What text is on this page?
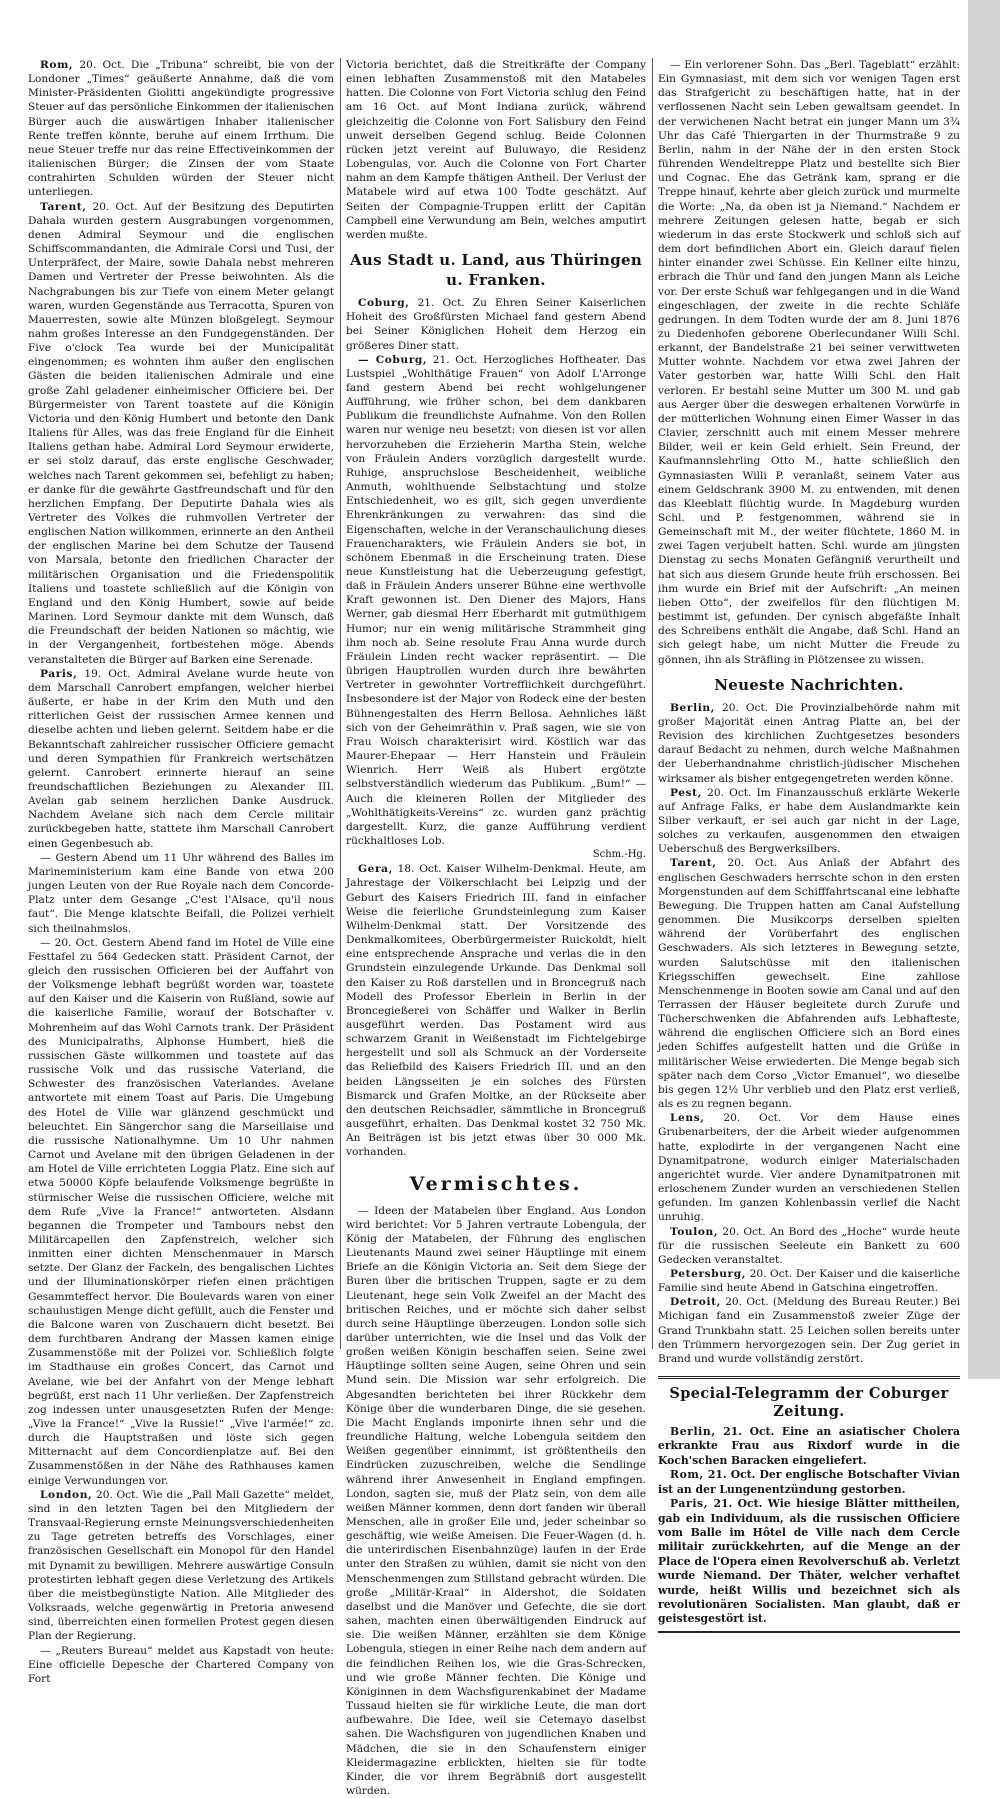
Rom, 20. Oct. Die „Tribuna“ schreibt, bie von der Londoner „Times“ geäußerte Annahme, daß die vom Minister-Präsidenten Giolitti angekündigte progressive Steuer auf das persönliche Einkommen der italienischen Bürger auch die auswärtigen Inhaber italienischer Rente treffen könnte, beruhe auf einem Irrthum. Die neue Steuer treffe nur das reine Effectiveinkommen der italienischen Bürger; die Zinsen der vom Staate contrahirten Schulden würden der Steuer nicht unterliegen.

Tarent, 20. Oct. Auf der Besitzung des Deputirten Dahala wurden gestern Ausgrabungen vorgenommen, denen Admiral Seymour und die englischen Schiffscommandanten, die Admirale Corsi und Tusi, der Unterpräfect, der Maire, sowie Dahala nebst mehreren Damen und Vertreter der Presse beiwohnten. Als die Nachgrabungen bis zur Tiefe von einem Meter gelangt waren, wurden Gegenstände aus Terracotta, Spuren von Mauerresten, sowie alte Münzen bloßgelegt. Seymour nahm großes Interesse an den Fundgegenständen. Der Five o'clock Tea wurde bei der Municipalität eingenommen; es wohnten ihm außer den englischen Gästen die beiden italienischen Admirale und eine große Zahl geladener einheimischer Officiere bei. Der Bürgermeister von Tarent toastete auf die Königin Victoria und den König Humbert und betonte den Dank Italiens für Alles, was das freie England für die Einheit Italiens gethan habe. Admiral Lord Seymour erwiderte, er sei stolz darauf, das erste englische Geschwader, welches nach Tarent gekommen sei, befehligt zu haben; er danke für die gewährte Gastfreundschaft und für den herzlichen Empfang. Der Deputirte Dahala wies als Vertreter des Volkes die ruhmvollen Vertreter der englischen Nation willkommen, erinnerte an den Antheil der englischen Marine bei dem Schutze der Tausend von Marsala, betonte den friedlichen Character der militärischen Organisation und die Friedenspolitik Italiens und toastete schließlich auf die Königin von England und den König Humbert, sowie auf beide Marinen. Lord Seymour dankte mit dem Wunsch, daß die Freundschaft der beiden Nationen so mächtig, wie in der Vergangenheit, fortbestehen möge. Abends veranstalteten die Bürger auf Barken eine Serenade.

Paris, 19. Oct. Admiral Avelane wurde heute von dem Marschall Canrobert empfangen, welcher hierbei äußerte, er habe in der Krim den Muth und den ritterlichen Geist der russischen Armee kennen und dieselbe achten und lieben gelernt. Seitdem habe er die Bekanntschaft zahlreicher russischer Officiere gemacht und deren Sympathien für Frankreich wertschätzen gelernt. Canrobert erinnerte hierauf an seine freundschaftlichen Beziehungen zu Alexander III. Avelan gab seinem herzlichen Danke Ausdruck. Nachdem Avelane sich nach dem Cercle militair zurückbegeben hatte, stattete ihm Marschall Canrobert einen Gegenbesuch ab.

— Gestern Abend um 11 Uhr während des Balles im Marineministerium kam eine Bande von etwa 200 jungen Leuten von der Rue Royale nach dem Concorde-Platz unter dem Gesange „C'est l'Alsace, qu'il nous faut“. Die Menge klatschte Beifall, die Polizei verhielt sich theilnahmslos.

— 20. Oct. Gestern Abend fand im Hotel de Ville eine Festtafel zu 564 Gedecken statt. Präsident Carnot, der gleich den russischen Officieren bei der Auffahrt von der Volksmenge lebhaft begrüßt worden war, toastete auf den Kaiser und die Kaiserin von Rußland, sowie auf die kaiserliche Familie, worauf der Botschafter v. Mohrenheim auf das Wohl Carnots trank. Der Präsident des Municipalraths, Alphonse Humbert, hieß die russischen Gäste willkommen und toastete auf das russische Volk und das russische Vaterland, die Schwester des französischen Vaterlandes. Avelane antwortete mit einem Toast auf Paris. Die Umgebung des Hotel de Ville war glänzend geschmückt und beleuchtet. Ein Sängerchor sang die Marseillaise und die russische Nationalhymne. Um 10 Uhr nahmen Carnot und Avelane mit den übrigen Geladenen in der am Hotel de Ville errichteten Loggia Platz. Eine sich auf etwa 50000 Köpfe belaufende Volksmenge begrüßte in stürmischer Weise die russischen Officiere, welche mit dem Rufe „Vive la France!“ antworteten. Alsdann begannen die Trompeter und Tambours nebst den Militärcapellen den Zapfenstreich, welcher sich inmitten einer dichten Menschenmauer in Marsch setzte. Der Glanz der Fackeln, des bengalischen Lichtes und der Illuminationskörper riefen einen prächtigen Gesammteffect hervor. Die Boulevards waren von einer schaulustigen Menge dicht gefüllt, auch die Fenster und die Balcone waren von Zuschauern dicht besetzt. Bei dem furchtbaren Andrang der Massen kamen einige Zusammenstöße mit der Polizei vor. Schließlich folgte im Stadthause ein großes Concert, das Carnot und Avelane, wie bei der Anfahrt von der Menge lebhaft begrüßt, erst nach 11 Uhr verließen. Der Zapfenstreich zog indessen unter unausgesetzten Rufen der Menge: „Vive la France!“ „Vive la Russie!“ „Vive l'armée!“ zc. durch die Hauptstraßen und löste sich gegen Mitternacht auf dem Concordienplatze auf. Bei den Zusammenstößen in der Nähe des Rathhauses kamen einige Verwundungen vor.

London, 20. Oct. Wie die „Pall Mall Gazette“ meldet, sind in den letzten Tagen bei den Mitgliedern der Transvaal-Regierung ernste Meinungsverschiedenheiten zu Tage getreten betreffs des Vorschlages, einer französischen Gesellschaft ein Monopol für den Handel mit Dynamit zu bewilligen. Mehrere auswärtige Consuln protestirten lebhaft gegen diese Verletzung des Artikels über die meistbegünstigte Nation. Alle Mitglieder des Volksraads, welche gegenwärtig in Pretoria anwesend sind, überreichten einen formellen Protest gegen diesen Plan der Regierung.

— „Reuters Bureau“ meldet aus Kapstadt von heute: Eine officielle Depesche der Chartered Company von Fort

Victoria berichtet, daß die Streitkräfte der Company einen lebhaften Zusammenstoß mit den Matabeles hatten. Die Colonne von Fort Victoria schlug den Feind am 16 Oct. auf Mont Indiana zurück, während gleichzeitig die Colonne von Fort Salisbury den Feind unweit derselben Gegend schlug. Beide Colonnen rücken jetzt vereint auf Buluwayo, die Residenz Lobengulas, vor. Auch die Colonne von Fort Charter nahm an dem Kampfe thätigen Antheil. Der Verlust der Matabele wird auf etwa 100 Todte geschätzt. Auf Seiten der Compagnie-Truppen erlitt der Capitän Campbell eine Verwundung am Bein, welches amputirt werden mußte.

Aus Stadt u. Land, aus Thüringen u. Franken.

Coburg, 21. Oct. Zu Ehren Seiner Kaiserlichen Hoheit des Großfürsten Michael fand gestern Abend bei Seiner Königlichen Hoheit dem Herzog ein größeres Diner statt.

— Coburg, 21. Oct. Herzogliches Hoftheater. Das Lustspiel „Wohlthätige Frauen“ von Adolf L'Arronge fand gestern Abend bei recht wohlgelungener Aufführung, wie früher schon, bei dem dankbaren Publikum die freundlichste Aufnahme. Von den Rollen waren nur wenige neu besetzt: von diesen ist vor allen hervorzuheben die Erzieherin Martha Stein, welche von Fräulein Anders vorzüglich dargestellt wurde. Ruhige, anspruchslose Bescheidenheit, weibliche Anmuth, wohlthuende Selbstachtung und stolze Entschiedenheit, wo es gilt, sich gegen unverdiente Ehrenkränkungen zu verwahren: das sind die Eigenschaften, welche in der Veranschaulichung dieses Frauencharakters, wie Fräulein Anders sie bot, in schönem Ebenmaß in die Erscheinung traten. Diese neue Kunstleistung hat die Ueberzeugung gefestigt, daß in Fräulein Anders unserer Bühne eine werthvolle Kraft gewonnen ist. Den Diener des Majors, Hans Werner, gab diesmal Herr Eberhardt mit gutmüthigem Humor; nur ein wenig militärische Strammheit ging ihm noch ab. Seine resolute Frau Anna wurde durch Fräulein Linden recht wacker repräsentirt. — Die übrigen Hauptrollen wurden durch ihre bewährten Vertreter in gewohnter Vortrefflichkeit durchgeführt. Insbesondere ist der Major von Rodeck eine der besten Bühnengestalten des Herrn Bellosa. Aehnliches läßt sich von der Geheimräthin v. Praß sagen, wie sie von Frau Woisch charakterisirt wird. Köstlich war das Maurer-Ehepaar — Herr Hanstein und Fräulein Wienrich. Herr Weiß als Hubert ergötzte selbstverständlich wiederum das Publikum. „Bum!“ — Auch die kleineren Rollen der Mitglieder des „Wohlthätigkeits-Vereins“ zc. wurden ganz prächtig dargestellt. Kurz, die ganze Aufführung verdient rückhaltloses Lob.

Schm.-Hg.

Gera, 18. Oct. Kaiser Wilhelm-Denkmal. Heute, am Jahrestage der Völkerschlacht bei Leipzig und der Geburt des Kaisers Friedrich III. fand in einfacher Weise die feierliche Grundsteinlegung zum Kaiser Wilhelm-Denkmal statt. Der Vorsitzende des Denkmalkomitees, Oberbürgermeister Ruickoldt, hielt eine entsprechende Ansprache und verlas die in den Grundstein einzulegende Urkunde. Das Denkmal soll den Kaiser zu Roß darstellen und in Broncegruß nach Modell des Professor Eberlein in Berlin in der Broncegießerei von Schäffer und Walker in Berlin ausgeführt werden. Das Postament wird aus schwarzem Granit in Weißenstadt im Fichtelgebirge hergestellt und soll als Schmuck an der Vorderseite das Reliefbild des Kaisers Friedrich III. und an den beiden Längsseiten je ein solches des Fürsten Bismarck und Grafen Moltke, an der Rückseite aber den deutschen Reichsadler, sämmtliche in Broncegruß ausgeführt, erhalten. Das Denkmal kostet 32 750 Mk. An Beiträgen ist bis jetzt etwas über 30 000 Mk. vorhanden.

Vermischtes.

— Ideen der Matabelen über England. Aus London wird berichtet: Vor 5 Jahren vertraute Lobengula, der König der Matabelen, der Führung des englischen Lieutenants Maund zwei seiner Häuptlinge mit einem Briefe an die Königin Victoria an. Seit dem Siege der Buren über die britischen Truppen, sagte er zu dem Lieutenant, hege sein Volk Zweifel an der Macht des britischen Reiches, und er möchte sich daher selbst durch seine Häuptlinge überzeugen. London solle sich darüber unterrichten, wie die Insel und das Volk der großen weißen Königin beschaffen seien. Seine zwei Häuptlinge sollten seine Augen, seine Ohren und sein Mund sein. Die Mission war sehr erfolgreich. Die Abgesandten berichteten bei ihrer Rückkehr dem Könige über die wunderbaren Dinge, die sie gesehen. Die Macht Englands imponirte ihnen sehr und die freundliche Haltung, welche Lobengula seitdem den Weißen gegenüber einnimmt, ist größtentheils den Eindrücken zuzuschreiben, welche die Sendlinge während ihrer Anwesenheit in England empfingen. London, sagten sie, muß der Platz sein, von dem alle weißen Männer kommen, denn dort fanden wir überall Menschen, alle in großer Eile und, jeder scheinbar so geschäftig, wie weiße Ameisen. Die Feuer-Wagen (d. h. die unterirdischen Eisenbahnzüge) laufen in der Erde unter den Straßen zu wühlen, damit sie nicht von den Menschenmengen zum Stillstand gebracht würden. Die große „Militär-Kraal“ in Aldershot, die Soldaten daselbst und die Manöver und Gefechte, die sie dort sahen, machten einen überwältigenden Eindruck auf sie. Die weißen Männer, erzählten sie dem Könige Lobengula, stiegen in einer Reihe nach dem andern auf die feindlichen Reihen los, wie die Gras-Schrecken, und wie große Männer fechten. Die Könige und Königinnen in dem Wachsfigurenkabinet der Madame Tussaud hielten sie für wirkliche Leute, die man dort aufbewahre. Die Idee, weil sie Cetemayo daselbst sahen. Die Wachsfiguren von jugendlichen Knaben und Mädchen, die sie in den Schaufenstern einiger Kleidermagazine erblickten, hielten sie für todte Kinder, die vor ihrem Begräbniß dort ausgestellt würden.

— Ein verlorener Sohn. Das „Berl. Tageblatt“ erzählt: Ein Gymnasiast, mit dem sich vor wenigen Tagen erst das Strafgericht zu beschäftigen hatte, hat in der verflossenen Nacht sein Leben gewaltsam geendet. In der verwichenen Nacht betrat ein junger Mann um 3¾ Uhr das Café Thiergarten in der Thurmstraße 9 zu Berlin, nahm in der Nähe der in den ersten Stock führenden Wendeltreppe Platz und bestellte sich Bier und Cognac. Ehe das Getränk kam, sprang er die Treppe hinauf, kehrte aber gleich zurück und murmelte die Worte: „Na, da oben ist ja Niemand.“ Nachdem er mehrere Zeitungen gelesen hatte, begab er sich wiederum in das erste Stockwerk und schloß sich auf dem dort befindlichen Abort ein. Gleich darauf fielen hinter einander zwei Schüsse. Ein Kellner eilte hinzu, erbrach die Thür und fand den jungen Mann als Leiche vor. Der erste Schuß war fehlgegangen und in die Wand eingeschlagen, der zweite in die rechte Schläfe gedrungen. In dem Todten wurde der am 8. Juni 1876 zu Diedenhofen geborene Oberlecundaner Willi Schl. erkannt, der Bandelstraße 21 bei seiner verwittweten Mutter wohnte. Nachdem vor etwa zwei Jahren der Vater gestorben war, hatte Willi Schl. den Halt verloren. Er bestahl seine Mutter um 300 M. und gab aus Aerger über die deswegen erhaltenen Vorwürfe in der mütterlichen Wohnung einen Eimer Wasser in das Clavier, zerschnitt auch mit einem Messer mehrere Bilder, weil er kein Geld erhielt. Sein Freund, der Kaufmannslehrling Otto M., hatte schließlich den Gymnasiasten Willi P. veranlaßt, seinem Vater aus einem Geldschrank 3900 M. zu entwenden, mit denen das Kleeblatt flüchtig wurde. In Magdeburg wurden Schl. und P. festgenommen, während sie in Gemeinschaft mit M., der weiter flüchtete, 1860 M. in zwei Tagen verjubelt hatten. Schl. wurde am jüngsten Dienstag zu sechs Monaten Gefängniß verurtheilt und hat sich aus diesem Grunde heute früh erschossen. Bei ihm wurde ein Brief mit der Aufschrift: „An meinen lieben Otto“, der zweifellos für den flüchtigen M. bestimmt ist, gefunden. Der cynisch abgefaßte Inhalt des Schreibens enthält die Angabe, daß Schl. Hand an sich gelegt habe, um nicht Mutter die Freude zu gönnen, ihn als Sträfling in Plötzensee zu wissen.

Neueste Nachrichten.

Berlin, 20. Oct. Die Provinzialbehörde nahm mit großer Majorität einen Antrag Platte an, bei der Revision des kirchlichen Zuchtgesetzes besonders darauf Bedacht zu nehmen, durch welche Maßnahmen der Ueberhandnahme christlich-jüdischer Mischehen wirksamer als bisher entgegengetreten werden könne.

Pest, 20. Oct. Im Finanzausschuß erklärte Wekerle auf Anfrage Falks, er habe dem Auslandmarkte kein Silber verkauft, er sei auch gar nicht in der Lage, solches zu verkaufen, ausgenommen den etwaigen Ueberschuß des Bergwerksilbers.

Tarent, 20. Oct. Aus Anlaß der Abfahrt des englischen Geschwaders herrschte schon in den ersten Morgenstunden auf dem Schifffahrtscanal eine lebhafte Bewegung. Die Truppen hatten am Canal Aufstellung genommen. Die Musikcorps derselben spielten während der Vorüberfahrt des englischen Geschwaders. Als sich letzteres in Bewegung setzte, wurden Salutschüsse mit den italienischen Kriegsschiffen gewechselt. Eine zahllose Menschenmenge in Booten sowie am Canal und auf den Terrassen der Häuser begleitete durch Zurufe und Tücherschwenken die Abfahrenden aufs Lebhafteste, während die englischen Officiere sich an Bord eines jeden Schiffes aufgestellt hatten und die Grüße in militärischer Weise erwiederten. Die Menge begab sich später nach dem Corso „Victor Emanuel“, wo dieselbe bis gegen 12½ Uhr verblieb und den Platz erst verließ, als es zu regnen begann.

Lens, 20. Oct. Vor dem Hause eines Grubenarbeiters, der die Arbeit wieder aufgenommen hatte, explodirte in der vergangenen Nacht eine Dynamitpatrone, wodurch einiger Materialschaden angerichtet wurde. Vier andere Dynamitpatronen mit erloschenem Zunder wurden an verschiedenen Stellen gefunden. Im ganzen Kohlenbassin verlief die Nacht unruhig.

Toulon, 20. Oct. An Bord des „Hoche“ wurde heute für die russischen Seeleute ein Bankett zu 600 Gedecken veranstaltet.

Petersburg, 20. Oct. Der Kaiser und die kaiserliche Familie sind heute Abend in Gatschina eingetroffen.

Detroit, 20. Oct. (Meldung des Bureau Reuter.) Bei Michigan fand ein Zusammenstoß zweier Züge der Grand Trunkbahn statt. 25 Leichen sollen bereits unter den Trümmern hervorgezogen sein. Der Zug geriet in Brand und wurde vollständig zerstört.

Special-Telegramm der Coburger Zeitung.

Berlin, 21. Oct. Eine an asiatischer Cholera erkrankte Frau aus Rixdorf wurde in die Koch'schen Baracken eingeliefert.

Rom, 21. Oct. Der englische Botschafter Vivian ist an der Lungenentzündung gestorben.

Paris, 21. Oct. Wie hiesige Blätter mittheilen, gab ein Individuum, als die russischen Officiere vom Balle im Hôtel de Ville nach dem Cercle militair zurückkehrten, auf die Menge an der Place de l'Opera einen Revolverschuß ab. Verletzt wurde Niemand. Der Thäter, welcher verhaftet wurde, heißt Willis und bezeichnet sich als revolutionären Socialisten. Man glaubt, daß er geistesgestört ist.
